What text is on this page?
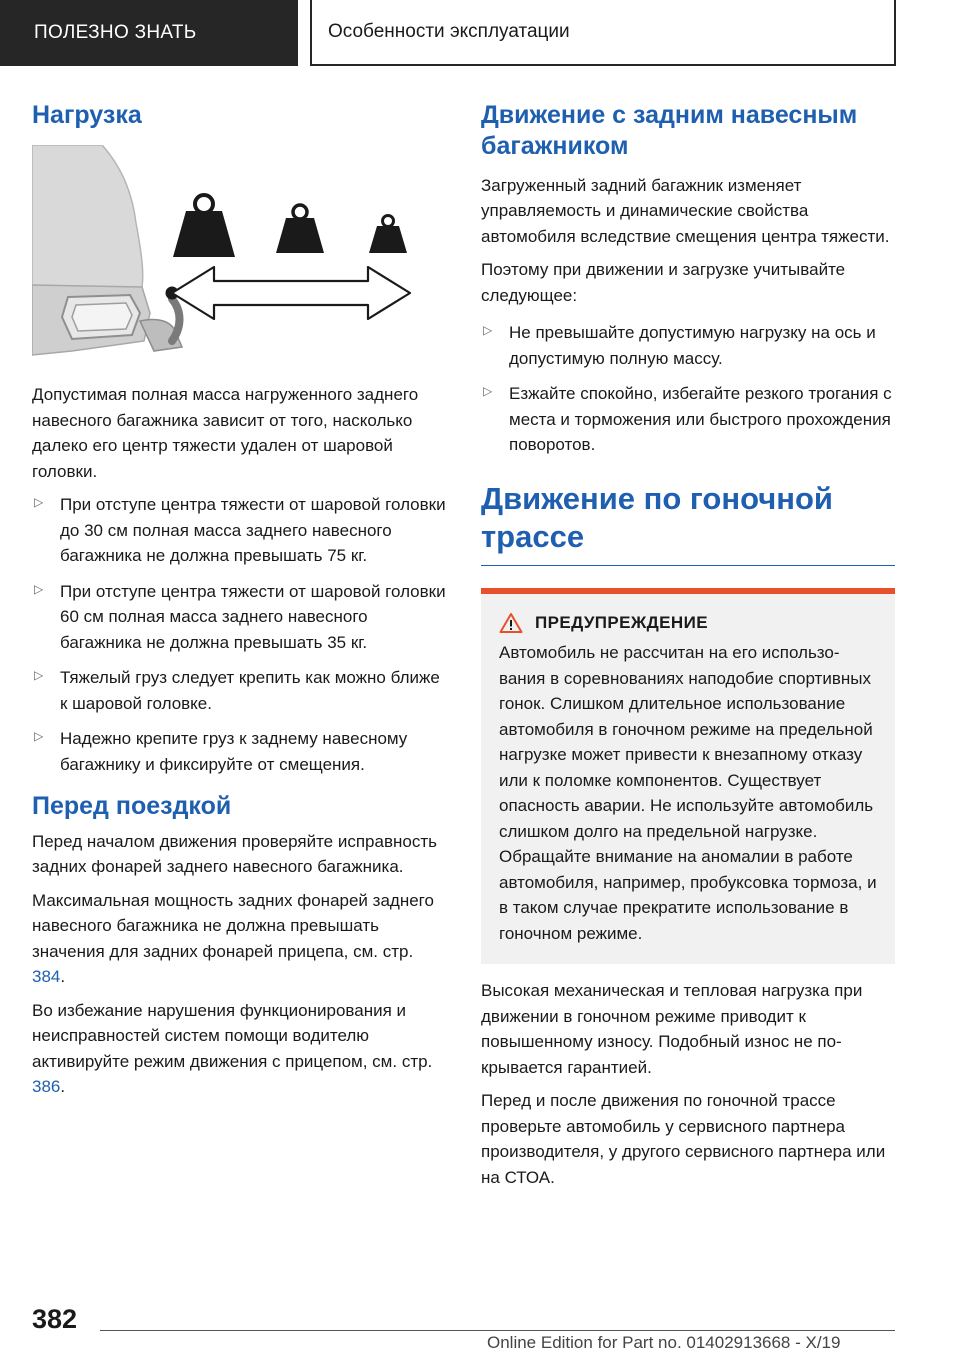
ПОЛЕЗНО ЗНАТЬ	Особенности эксплуатации
Нагрузка

Допустимая полная масса нагруженного заднего навесного багажника зависит от того, насколько далеко его центр тяжести удален от шаровой головки.

▷ При отступе центра тяжести от шаровой головки до 30 см полная масса заднего навесного багажника не должна превышать 75 кг.
▷ При отступе центра тяжести от шаровой головки 60 см полная масса заднего навесного багажника не должна превышать 35 кг.
▷ Тяжелый груз следует крепить как можно ближе к шаровой головке.
▷ Надежно крепите груз к заднему навесному багажнику и фиксируйте от смещения.
Перед поездкой

Перед началом движения проверяйте исправность задних фонарей заднего навесного багажника.

Максимальная мощность задних фонарей заднего навесного багажника не должна превышать значения для задних фонарей прицепа, см. стр. 384.

Во избежание нарушения функционирования и неисправностей систем помощи водителю активируйте режим движения с прицепом, см. стр. 386.

Движение с задним навесным багажником

Загруженный задний багажник изменяет управляемость и динамические свойства автомобиля вследствие смещения центра тяжести.

Поэтому при движении и загрузке учитывайте следующее:

▷ Не превышайте допустимую нагрузку на ось и допустимую полную массу.
▷ Езжайте спокойно, избегайте резкого трогания с места и торможения или быстрого прохождения поворотов.
Движение по гоночной трассе
ПРЕДУПРЕЖДЕНИЕ

Автомобиль не рассчитан на его использования в соревнованиях наподобие спортивных гонок. Слишком длительное использование автомобиля в гоночном режиме на предельной нагрузке может привести к внезапному отказу или к поломке компонентов. Существует опасность аварии. Не используйте автомобиль слишком долго на предельной нагрузке. Обращайте внимание на аномалии в работе автомобиля, например, пробуксовка тормоза, и в таком случае прекратите использование в гоночном режиме.

Высокая механическая и тепловая нагрузка при движении в гоночном режиме приводит к повышенному износу. Подобный износ не покрывается гарантией.

Перед и после движения по гоночной трассе проверьте автомобиль у сервисного партнера производителя, у другого сервисного партнера или на СТОА.

382
Online Edition for Part no. 01402913668 - X/19
